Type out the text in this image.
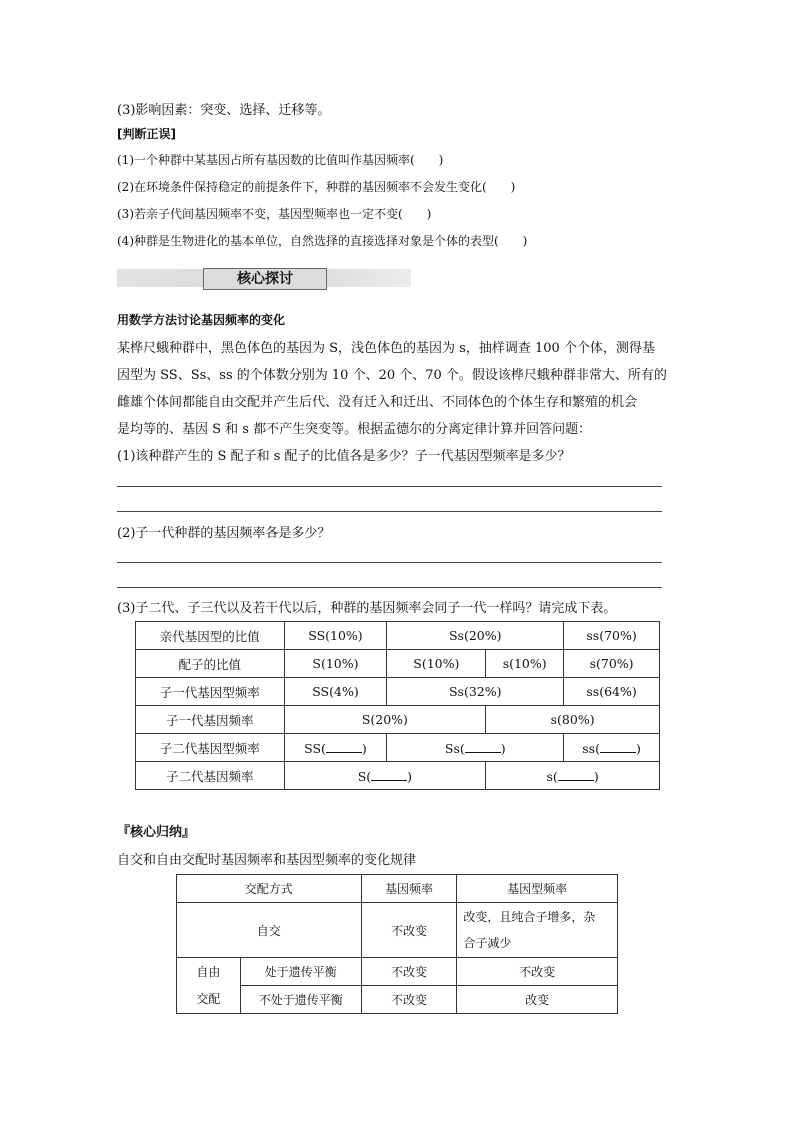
(3)影响因素：突变、选择、迁移等。
[判断正误]
(1)一个种群中某基因占所有基因数的比值叫作基因频率(　　)
(2)在环境条件保持稳定的前提条件下，种群的基因频率不会发生变化(　　)
(3)若亲子代间基因频率不变，基因型频率也一定不变(　　)
(4)种群是生物进化的基本单位，自然选择的直接选择对象是个体的表型(　　)
核心探讨
用数学方法讨论基因频率的变化
某桦尺蛾种群中，黑色体色的基因为 S，浅色体色的基因为 s，抽样调查 100 个个体，测得基
因型为 SS、Ss、ss 的个体数分别为 10 个、20 个、70 个。假设该桦尺蛾种群非常大、所有的
雌雄个体间都能自由交配并产生后代、没有迁入和迁出、不同体色的个体生存和繁殖的机会
是均等的、基因 S 和 s 都不产生突变等。根据孟德尔的分离定律计算并回答问题：
(1)该种群产生的 S 配子和 s 配子的比值各是多少？子一代基因型频率是多少？
(2)子一代种群的基因频率各是多少？
(3)子二代、子三代以及若干代以后，种群的基因频率会同子一代一样吗？请完成下表。
亲代基因型的比值	SS(10%)	Ss(20%)		ss(70%)
配子的比值	S(10%)	S(10%)	s(10%)	s(70%)
子一代基因型频率	SS(4%)	Ss(32%)		ss(64%)
子一代基因频率	S(20%)		s(80%)	
子二代基因型频率	SS( )	Ss( )		ss( )
子二代基因频率	S( )		s( )	
『核心归纳』
自交和自由交配时基因频率和基因型频率的变化规律
交配方式		基因频率	基因型频率
自交		不改变	改变，且纯合子增多，杂
合子减少

自由
交配	处于遗传平衡	不改变	不改变
	不处于遗传平衡	不改变	改变
